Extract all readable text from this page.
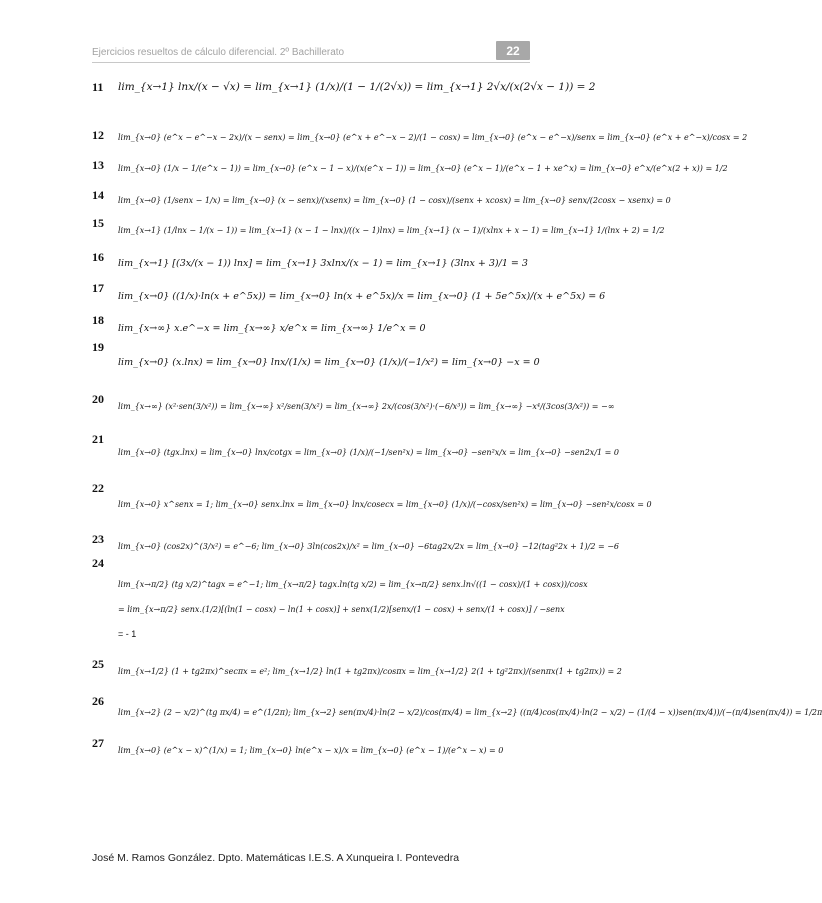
Ejercicios resueltos de cálculo diferencial. 2º Bachillerato	22
11	lim_{x→1} lnx/(x − √x) = lim_{x→1} (1/x)/(1 − 1/(2√x)) = lim_{x→1} 2√x/(x(2√x − 1)) = 2
12	lim_{x→0} (e^x − e^−x − 2x)/(x − senx) = lim_{x→0} (e^x + e^−x − 2)/(1 − cosx) = lim_{x→0} (e^x − e^−x)/senx = lim_{x→0} (e^x + e^−x)/cosx = 2
13	lim_{x→0} (1/x − 1/(e^x − 1)) = lim_{x→0} (e^x − 1 − x)/(x(e^x − 1)) = lim_{x→0} (e^x − 1)/(e^x − 1 + xe^x) = lim_{x→0} e^x/(e^x(2 + x)) = 1/2
14	lim_{x→0} (1/senx − 1/x) = lim_{x→0} (x − senx)/(xsenx) = lim_{x→0} (1 − cosx)/(senx + xcosx) = lim_{x→0} senx/(2cosx − xsenx) = 0
15
lim_{x→1} (1/lnx − 1/(x − 1)) = lim_{x→1} (x − 1 − lnx)/((x − 1)lnx) = lim_{x→1} (x − 1)/(xlnx + x − 1) = lim_{x→1} 1/(lnx + 2) = 1/2
16	lim_{x→1} [(3x/(x − 1)) lnx] = lim_{x→1} 3xlnx/(x − 1) = lim_{x→1} (3lnx + 3)/1 = 3
17
lim_{x→0} ((1/x)·ln(x + e^5x)) = lim_{x→0} ln(x + e^5x)/x = lim_{x→0} (1 + 5e^5x)/(x + e^5x) = 6
18
lim_{x→∞} x.e^−x = lim_{x→∞} x/e^x = lim_{x→∞} 1/e^x = 0
19
lim_{x→0} (x.lnx) = lim_{x→0} lnx/(1/x) = lim_{x→0} (1/x)/(−1/x²) = lim_{x→0} −x = 0
20
lim_{x→∞} (x²·sen(3/x²)) = lim_{x→∞} x²/sen(3/x²) = lim_{x→∞} 2x/(cos(3/x²)·(−6/x³)) = lim_{x→∞} −x⁴/(3cos(3/x²)) = −∞
21
lim_{x→0} (tgx.lnx) = lim_{x→0} lnx/cotgx = lim_{x→0} (1/x)/(−1/sen²x) = lim_{x→0} −sen²x/x = lim_{x→0} −sen2x/1 = 0
22
lim_{x→0} x^senx = 1; lim_{x→0} senx.lnx = lim_{x→0} lnx/cosecx = lim_{x→0} (1/x)/(−cosx/sen²x) = lim_{x→0} −sen²x/cosx = 0
23
lim_{x→0} (cos2x)^(3/x²) = e^−6; lim_{x→0} 3ln(cos2x)/x² = lim_{x→0} −6tag2x/2x = lim_{x→0} −12(tag²2x + 1)/2 = −6
24
lim_{x→π/2} (tg x/2)^tagx = e^−1; lim_{x→π/2} tagx.ln(tg x/2) = lim_{x→π/2} senx.ln√((1 − cosx)/(1 + cosx))/cosx
= lim_{x→π/2} senx.(1/2)[(ln(1 − cosx) − ln(1 + cosx)] + senx(1/2)[senx/(1 − cosx) + senx/(1 + cosx)] / −senx
= - 1
25
lim_{x→1/2} (1 + tg2πx)^secπx = e²; lim_{x→1/2} ln(1 + tg2πx)/cosπx = lim_{x→1/2} 2(1 + tg²2πx)/(senπx(1 + tg2πx)) = 2
26
lim_{x→2} (2 − x/2)^(tg πx/4) = e^(1/2π); lim_{x→2} sen(πx/4)·ln(2 − x/2)/cos(πx/4) = lim_{x→2} ((π/4)cos(πx/4)·ln(2 − x/2) − (1/(4 − x))sen(πx/4))/(−(π/4)sen(πx/4)) = 1/2π
27
lim_{x→0} (e^x − x)^(1/x) = 1; lim_{x→0} ln(e^x − x)/x = lim_{x→0} (e^x − 1)/(e^x − x) = 0
José M. Ramos González. Dpto. Matemáticas I.E.S. A Xunqueira I. Pontevedra
